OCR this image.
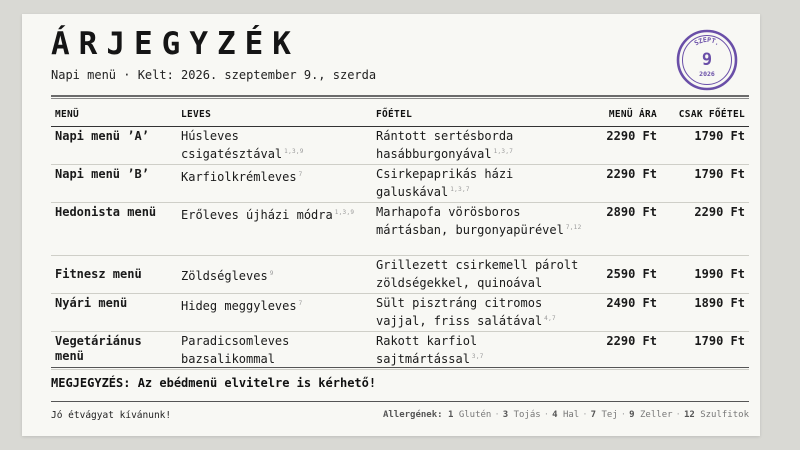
ÁRJEGYZÉK
Napi menü · Kelt: 2026. szeptember 9., szerda
SZEPT.
9
2026
MENÜ	LEVES	FŐÉTEL	MENÜ ÁRA	CSAK FŐÉTEL
Napi menü ’A’	Húsleves csigatésztával $^{1,3,9}$	Rántott sertésborda hasábburgonyával $^{1,3,7}$	2290 Ft	1790 Ft
Napi menü ’B’	Karfiolkrémleves $^7$	Csirkepaprikás házi galuskával $^{1,3,7}$	2290 Ft	1790 Ft
Hedonista menü	Erőleves újházi módra $^{1,3,9}$	Marhapofa vörösboros mártásban, burgonyapürével $^{7,12}$	2890 Ft	2290 Ft
Fitnesz menü	Zöldségleves $^9$	Grillezett csirkemell párolt zöldségekkel, quinoával	2590 Ft	1990 Ft
Nyári menü	Hideg meggyleves $^7$	Sült pisztráng citromos vajjal, friss salátával $^{4,7}$	2490 Ft	1890 Ft
Vegetáriánus menü	Paradicsomleves bazsalikommal	Rakott karfiol sajtmártással $^{3,7}$	2290 Ft	1790 Ft
MEGJEGYZÉS: Az ebédmenü elvitelre is kérhető!
Jó étvágyat kívánunk!	Allergének: 1 Glutén · 3 Tojás · 4 Hal · 7 Tej · 9 Zeller · 12 Szulfitok
